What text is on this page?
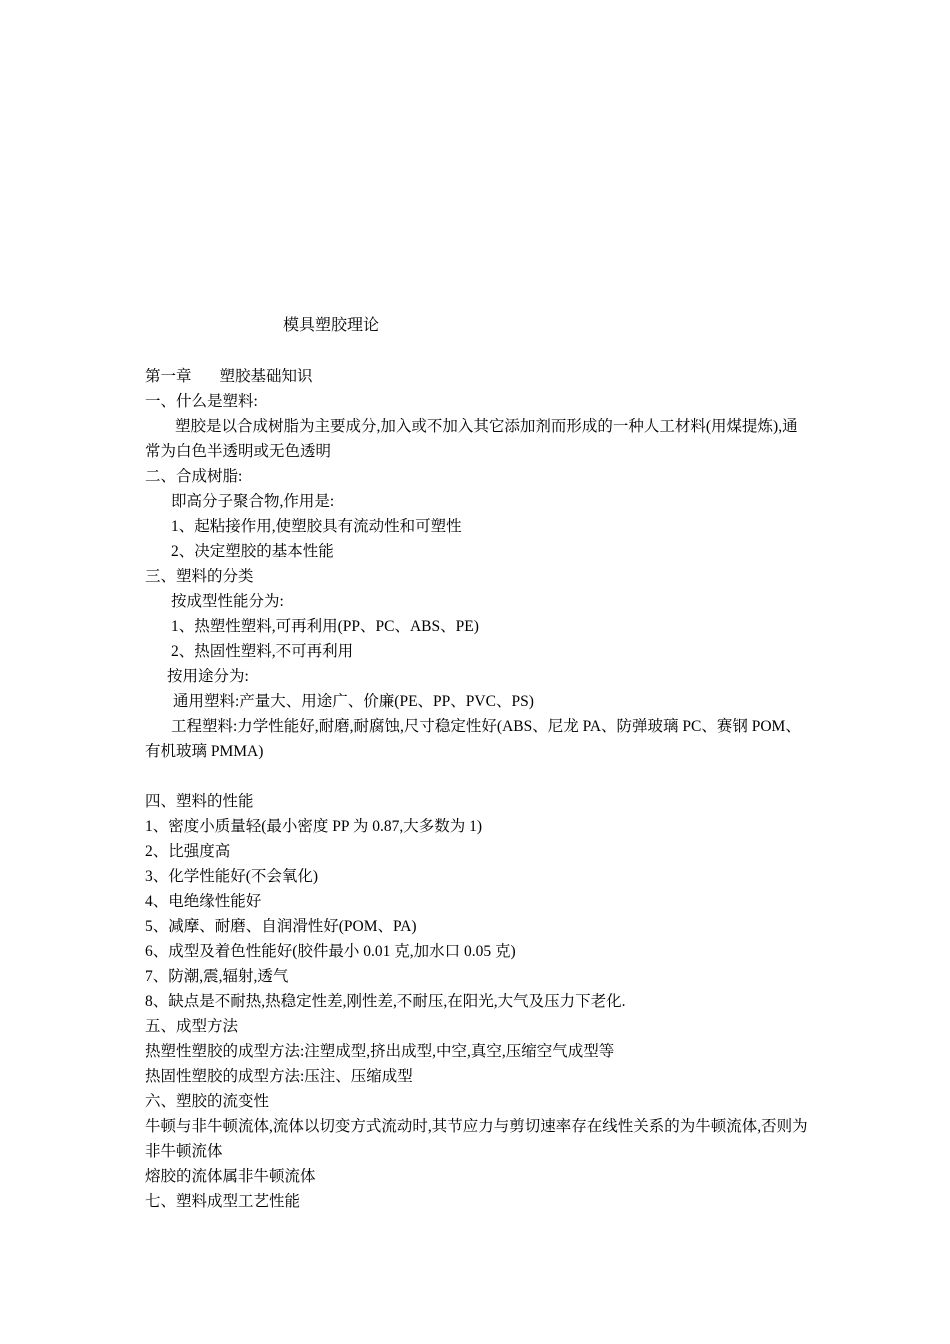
模具塑胶理论
第一章 塑胶基础知识
一、什么是塑料:
塑胶是以合成树脂为主要成分,加入或不加入其它添加剂而形成的一种人工材料(用煤提炼),通常为白色半透明或无色透明
二、合成树脂:
即高分子聚合物,作用是:
1、起粘接作用,使塑胶具有流动性和可塑性
2、决定塑胶的基本性能
三、塑料的分类
按成型性能分为:
1、热塑性塑料,可再利用(PP、PC、ABS、PE)
2、热固性塑料,不可再利用
按用途分为:
通用塑料:产量大、用途广、价廉(PE、PP、PVC、PS)
工程塑料:力学性能好,耐磨,耐腐蚀,尺寸稳定性好(ABS、尼龙 PA、防弹玻璃 PC、赛钢 POM、有机玻璃 PMMA)
四、塑料的性能
1、密度小质量轻(最小密度 PP 为 0.87,大多数为 1)
2、比强度高
3、化学性能好(不会氧化)
4、电绝缘性能好
5、减摩、耐磨、自润滑性好(POM、PA)
6、成型及着色性能好(胶件最小 0.01 克,加水口 0.05 克)
7、防潮,震,辐射,透气
8、缺点是不耐热,热稳定性差,刚性差,不耐压,在阳光,大气及压力下老化.
五、成型方法
热塑性塑胶的成型方法:注塑成型,挤出成型,中空,真空,压缩空气成型等
热固性塑胶的成型方法:压注、压缩成型
六、塑胶的流变性
牛顿与非牛顿流体,流体以切变方式流动时,其节应力与剪切速率存在线性关系的为牛顿流体,否则为非牛顿流体
熔胶的流体属非牛顿流体
七、塑料成型工艺性能
